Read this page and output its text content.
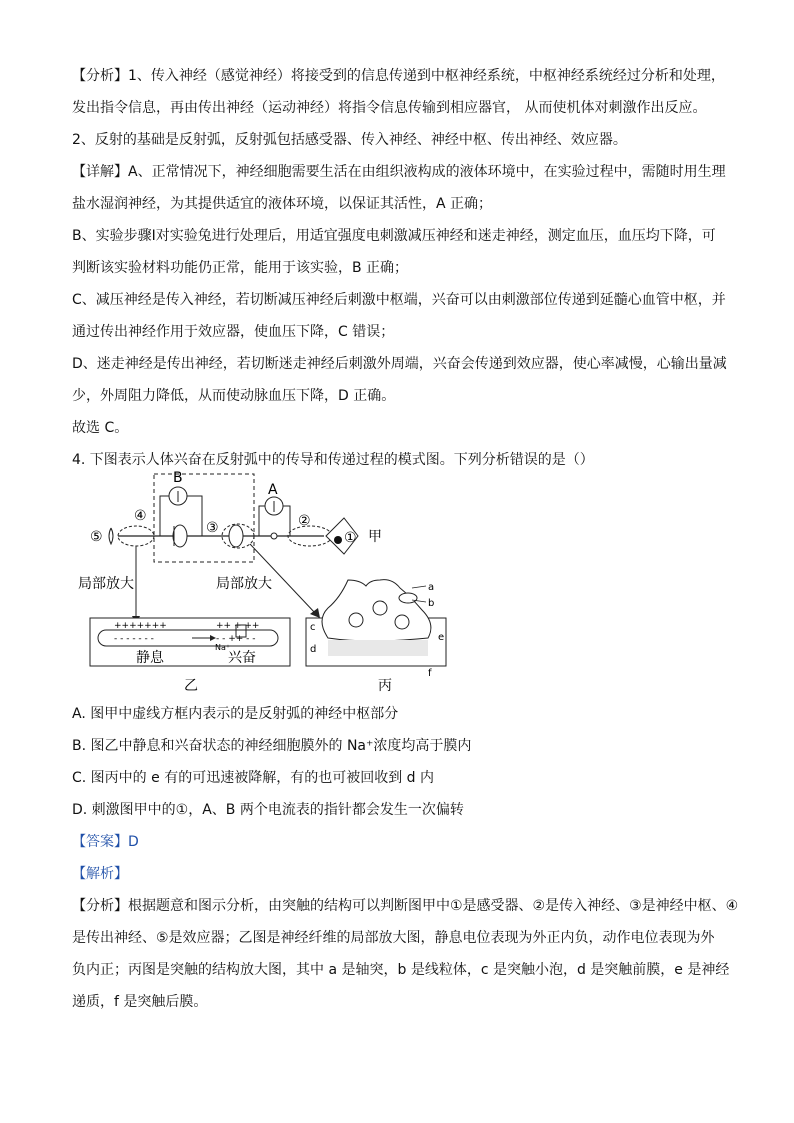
【分析】1、传入神经（感觉神经）将接受到的信息传递到中枢神经系统，中枢神经系统经过分析和处理，
发出指令信息，再由传出神经（运动神经）将指令信息传输到相应器官， 从而使机体对刺激作出反应。
2、反射的基础是反射弧，反射弧包括感受器、传入神经、神经中枢、传出神经、效应器。
【详解】A、正常情况下，神经细胞需要生活在由组织液构成的液体环境中，在实验过程中，需随时用生理
盐水湿润神经，为其提供适宜的液体环境，以保证其活性，A 正确；
B、实验步骤Ⅰ对实验兔进行处理后，用适宜强度电刺激减压神经和迷走神经，测定血压，血压均下降，可
判断该实验材料功能仍正常，能用于该实验，B 正确；
C、减压神经是传入神经，若切断减压神经后刺激中枢端，兴奋可以由刺激部位传递到延髓心血管中枢，并
通过传出神经作用于效应器，使血压下降，C 错误；
D、迷走神经是传出神经，若切断迷走神经后刺激外周端，兴奋会传递到效应器，使心率减慢，心输出量减
少，外周阻力降低，从而使动脉血压下降，D 正确。
故选 C。
4. 下图表示人体兴奋在反射弧中的传导和传递过程的模式图。下列分析错误的是（）
⑤
④
③
B
A
②
① 甲
局部放大	局部放大
+++++++
- - - - - - -
++ + ++
- - ++ - -
Na⁺
静息	兴奋
乙
a
b
c
d
e
f
丙
A. 图甲中虚线方框内表示的是反射弧的神经中枢部分
B. 图乙中静息和兴奋状态的神经细胞膜外的 Na⁺浓度均高于膜内
C. 图丙中的 e 有的可迅速被降解，有的也可被回收到 d 内
D. 刺激图甲中的①，A、B 两个电流表的指针都会发生一次偏转
【答案】D
【解析】
【分析】根据题意和图示分析，由突触的结构可以判断图甲中①是感受器、②是传入神经、③是神经中枢、④
是传出神经、⑤是效应器；乙图是神经纤维的局部放大图，静息电位表现为外正内负，动作电位表现为外
负内正；丙图是突触的结构放大图，其中 a 是轴突，b 是线粒体，c 是突触小泡，d 是突触前膜，e 是神经
递质，f 是突触后膜。
